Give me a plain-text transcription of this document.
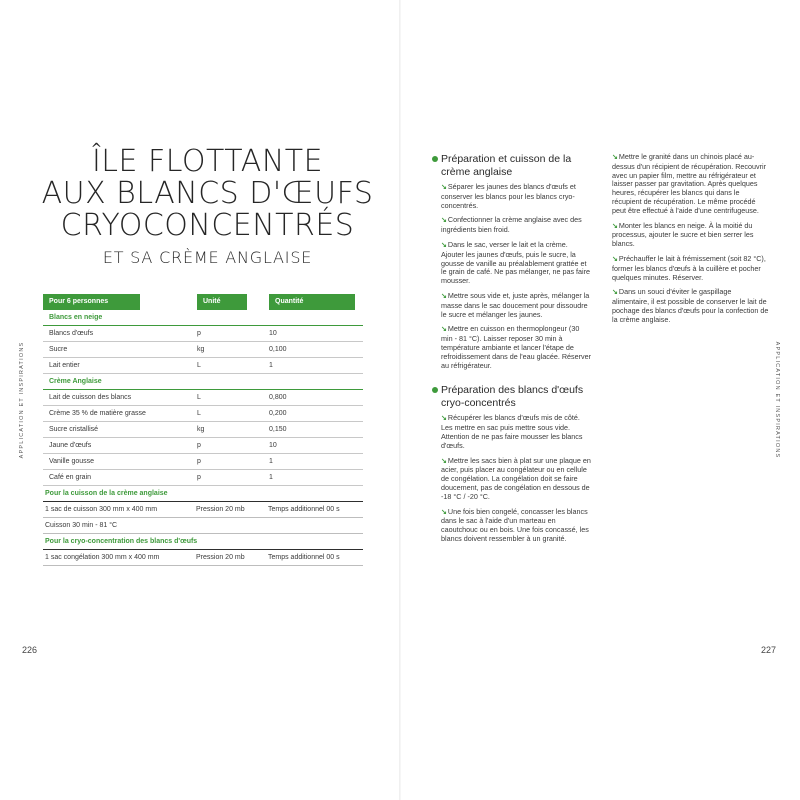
ÎLE FLOTTANTE
AUX BLANCS D'ŒUFS
CRYOCONCENTRÉS
ET SA CRÈME ANGLAISE
Pour 6 personnes	Unité	Quantité
Blancs en neige
Blancs d'œufs	p	10
Sucre	kg	0,100
Lait entier	L	1
Crème Anglaise
Lait de cuisson des blancs	L	0,800
Crème 35 % de matière grasse	L	0,200
Sucre cristallisé	kg	0,150
Jaune d'œufs	p	10
Vanille gousse	p	1
Café en grain	p	1
Pour la cuisson de la crème anglaise
1 sac de cuisson 300 mm x 400 mm	Pression 20 mb	Temps additionnel 00 s
Cuisson 30 min - 81 °C
Pour la cryo-concentration des blancs d'œufs
1 sac congélation 300 mm x 400 mm	Pression 20 mb	Temps additionnel 00 s
APPLICATION ET INSPIRATIONS
226
Préparation et cuisson de la crème anglaise

↘Séparer les jaunes des blancs d'œufs et conserver les blancs pour les blancs cryo-concentrés.

↘Confectionner la crème anglaise avec des ingrédients bien froid.

↘Dans le sac, verser le lait et la crème. Ajouter les jaunes d'œufs, puis le sucre, la gousse de vanille au préalablement grattée et le grain de café. Ne pas mélanger, ne pas faire mousser.

↘Mettre sous vide et, juste après, mélanger la masse dans le sac doucement pour dissoudre le sucre et mélanger les jaunes.

↘Mettre en cuisson en thermoplongeur (30 min - 81 °C). Laisser reposer 30 min à température ambiante et lancer l'étape de refroidissement dans de l'eau glacée. Réserver au réfrigérateur.

Préparation des blancs d'œufs cryo-concentrés

↘Récupérer les blancs d'œufs mis de côté. Les mettre en sac puis mettre sous vide. Attention de ne pas faire mousser les blancs d'œufs.

↘Mettre les sacs bien à plat sur une plaque en acier, puis placer au congélateur ou en cellule de congélation. La congélation doit se faire doucement, pas de congélation en dessous de -18 °C / -20 °C.

↘Une fois bien congelé, concasser les blancs dans le sac à l'aide d'un marteau en caoutchouc ou en bois. Une fois concassé, les blancs doivent ressembler à un granité.

↘Mettre le granité dans un chinois placé au-dessus d'un récipient de récupération. Recouvrir avec un papier film, mettre au réfrigérateur et laisser passer par gravitation. Après quelques heures, récupérer les blancs qui dans le récupient de récupération. Le même procédé peut être effectué à l'aide d'une centrifugeuse.

↘Monter les blancs en neige. À la moitié du processus, ajouter le sucre et bien serrer les blancs.

↘Préchauffer le lait à frémissement (soit 82 °C), former les blancs d'œufs à la cuillère et pocher quelques minutes. Réserver.

↘Dans un souci d'éviter le gaspillage alimentaire, il est possible de conserver le lait de pochage des blancs d'œufs pour la confection de la crème anglaise.

APPLICATION ET INSPIRATIONS
227
